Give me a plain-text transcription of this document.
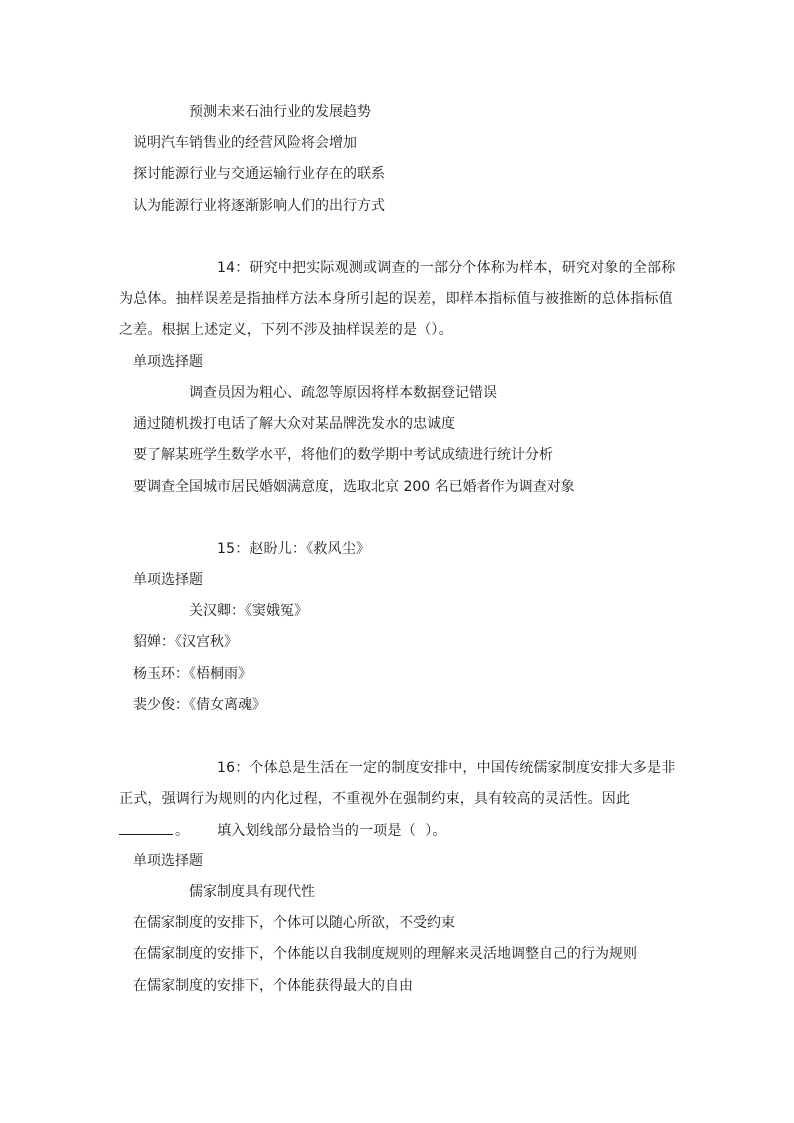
预测未来石油行业的发展趋势
说明汽车销售业的经营风险将会增加
探讨能源行业与交通运输行业存在的联系
认为能源行业将逐渐影响人们的出行方式
14：研究中把实际观测或调查的一部分个体称为样本，研究对象的全部称
为总体。抽样误差是指抽样方法本身所引起的误差，即样本指标值与被推断的总体指标值
之差。根据上述定义，下列不涉及抽样误差的是（）。
单项选择题
调查员因为粗心、疏忽等原因将样本数据登记错误
通过随机拨打电话了解大众对某品牌洗发水的忠诚度
要了解某班学生数学水平，将他们的数学期中考试成绩进行统计分析
要调查全国城市居民婚姻满意度，选取北京 200 名已婚者作为调查对象
15：赵盼儿：《救风尘》
单项选择题
关汉卿：《窦娥冤》
貂婵：《汉宫秋》
杨玉环：《梧桐雨》
裴少俊：《倩女离魂》
16：个体总是生活在一定的制度安排中，中国传统儒家制度安排大多是非
正式，强调行为规则的内化过程，不重视外在强制约束，具有较高的灵活性。因此
。      填入划线部分最恰当的一项是（  ）。
单项选择题
儒家制度具有现代性
在儒家制度的安排下，个体可以随心所欲，不受约束
在儒家制度的安排下，个体能以自我制度规则的理解来灵活地调整自己的行为规则
在儒家制度的安排下，个体能获得最大的自由
